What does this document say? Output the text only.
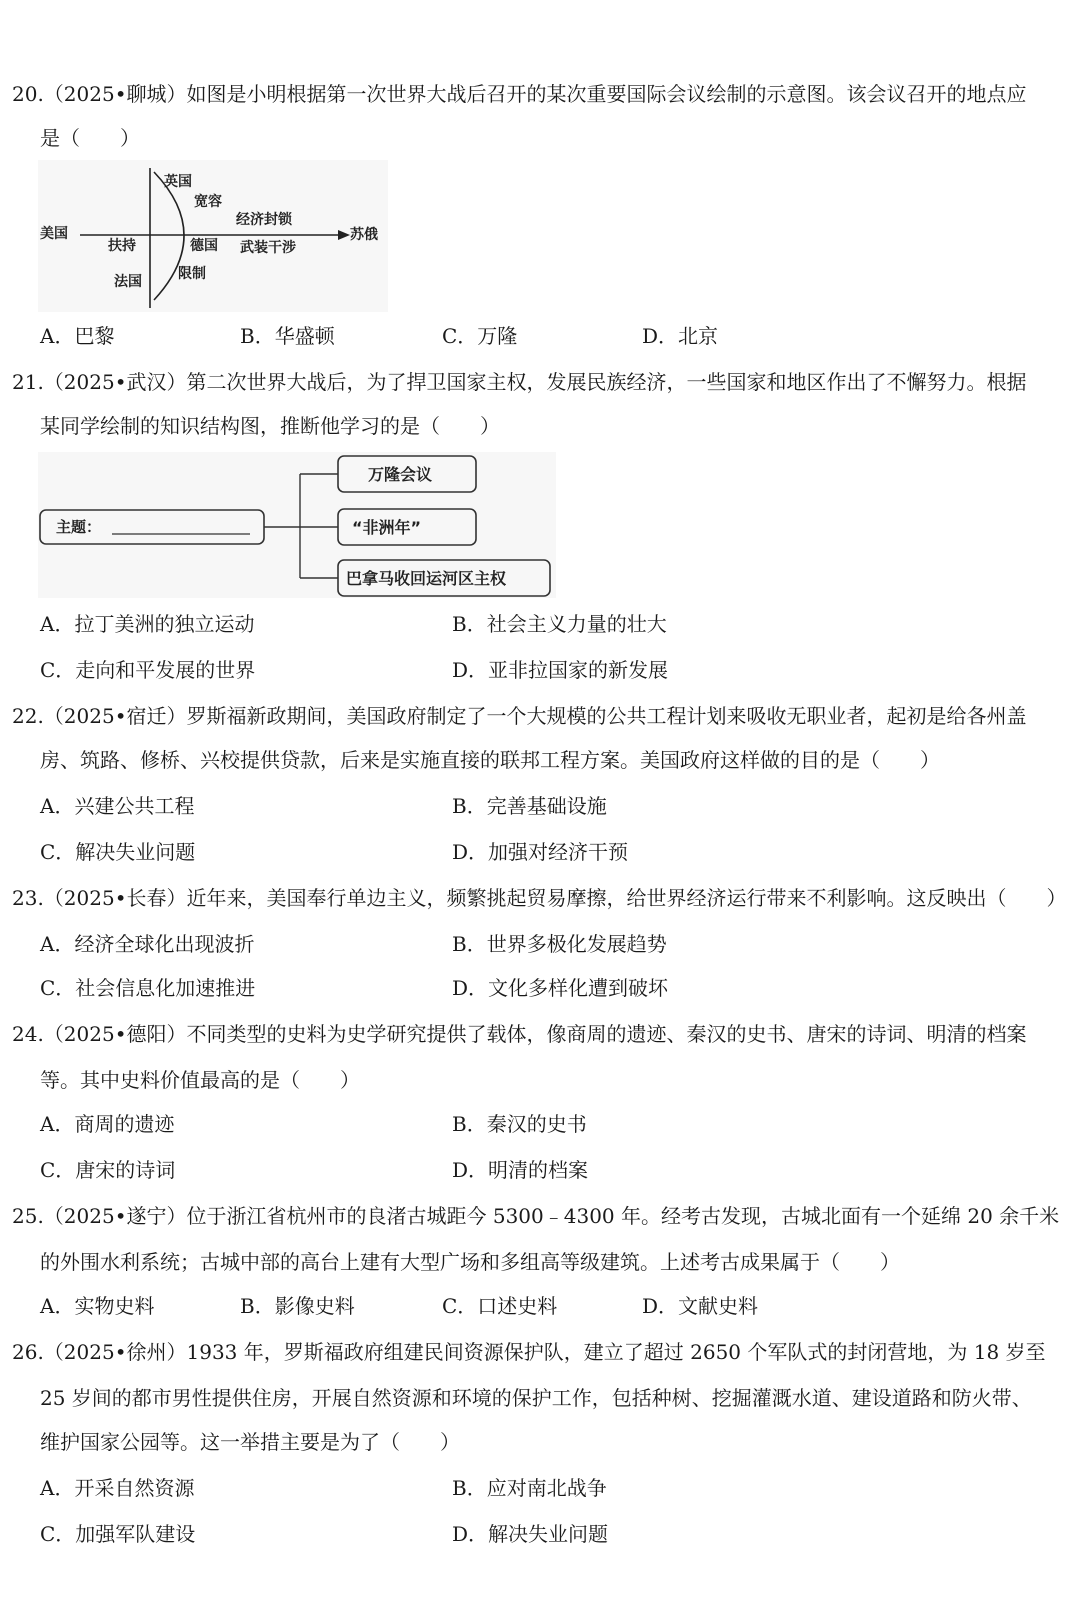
20.（2025•聊城）如图是小明根据第一次世界大战后召开的某次重要国际会议绘制的示意图。该会议召开的地点应
是（　　）
英国
宽容
美国
扶持	德国
法国	限制
经济封锁
武装干涉
苏俄
A．巴黎	B．华盛顿	C．万隆	D．北京
21.（2025•武汉）第二次世界大战后，为了捍卫国家主权，发展民族经济，一些国家和地区作出了不懈努力。根据
某同学绘制的知识结构图，推断他学习的是（　　）
主题：
万隆会议
“非洲年”
巴拿马收回运河区主权
A．拉丁美洲的独立运动	B．社会主义力量的壮大
C．走向和平发展的世界	D．亚非拉国家的新发展
22.（2025•宿迁）罗斯福新政期间，美国政府制定了一个大规模的公共工程计划来吸收无职业者，起初是给各州盖
房、筑路、修桥、兴校提供贷款，后来是实施直接的联邦工程方案。美国政府这样做的目的是（　　）
A．兴建公共工程	B．完善基础设施
C．解决失业问题	D．加强对经济干预
23.（2025•长春）近年来，美国奉行单边主义，频繁挑起贸易摩擦，给世界经济运行带来不利影响。这反映出（　　）
A．经济全球化出现波折	B．世界多极化发展趋势
C．社会信息化加速推进	D．文化多样化遭到破坏
24.（2025•德阳）不同类型的史料为史学研究提供了载体，像商周的遗迹、秦汉的史书、唐宋的诗词、明清的档案
等。其中史料价值最高的是（　　）
A．商周的遗迹	B．秦汉的史书
C．唐宋的诗词	D．明清的档案
25.（2025•遂宁）位于浙江省杭州市的良渚古城距今 5300﹣4300 年。经考古发现，古城北面有一个延绵 20 余千米
的外围水利系统；古城中部的高台上建有大型广场和多组高等级建筑。上述考古成果属于（　　）
A．实物史料	B．影像史料	C．口述史料	D．文献史料
26.（2025•徐州）1933 年，罗斯福政府组建民间资源保护队，建立了超过 2650 个军队式的封闭营地，为 18 岁至
25 岁间的都市男性提供住房，开展自然资源和环境的保护工作，包括种树、挖掘灌溉水道、建设道路和防火带、
维护国家公园等。这一举措主要是为了（　　）
A．开采自然资源	B．应对南北战争
C．加强军队建设	D．解决失业问题
